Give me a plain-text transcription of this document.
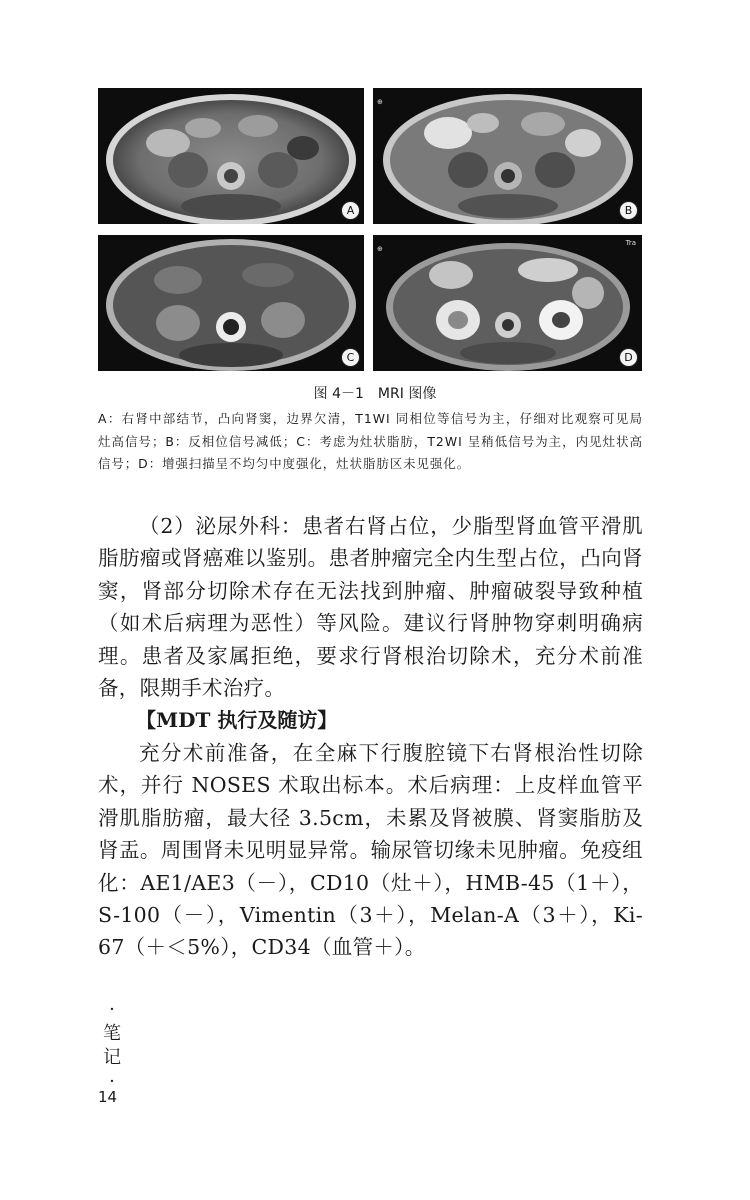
A
⊕
B
C
⊕
Tra
D
图 4－1　MRI 图像
A：右肾中部结节，凸向肾窦，边界欠清，T1WI 同相位等信号为主，仔细对比观察可见局灶高信号；B：反相位信号减低；C：考虑为灶状脂肪，T2WI 呈稍低信号为主，内见灶状高信号；D：增强扫描呈不均匀中度强化，灶状脂肪区未见强化。
（2）泌尿外科：患者右肾占位，少脂型肾血管平滑肌脂肪瘤或肾癌难以鉴别。患者肿瘤完全内生型占位，凸向肾窦，肾部分切除术存在无法找到肿瘤、肿瘤破裂导致种植（如术后病理为恶性）等风险。建议行肾肿物穿刺明确病理。患者及家属拒绝，要求行肾根治切除术，充分术前准备，限期手术治疗。
【MDT 执行及随访】
充分术前准备，在全麻下行腹腔镜下右肾根治性切除术，并行 NOSES 术取出标本。术后病理：上皮样血管平滑肌脂肪瘤，最大径 3.5cm，未累及肾被膜、肾窦脂肪及肾盂。周围肾未见明显异常。输尿管切缘未见肿瘤。免疫组化：AE1/AE3（－），CD10（灶＋），HMB-45（1＋），S-100（－），Vimentin（3＋），Melan-A（3＋），Ki-67（＋＜5%），CD34（血管＋）。
·
笔
记
·
14
